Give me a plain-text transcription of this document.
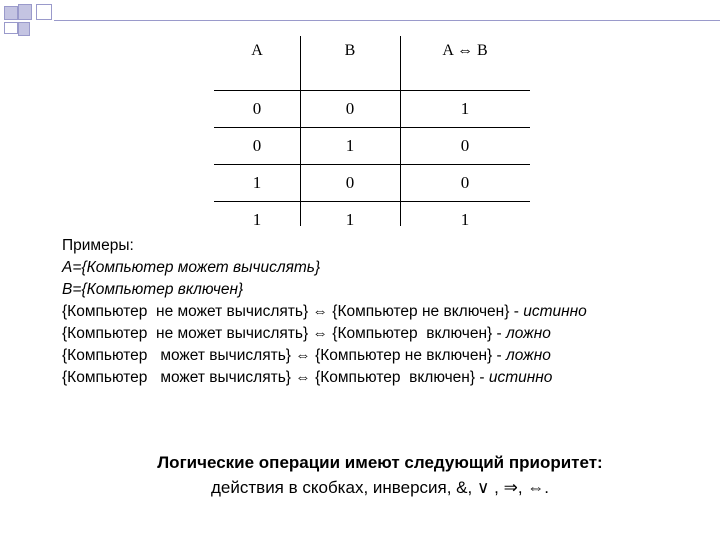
A	B	A ⇔ B
0	0	1
0	1	0
1	0	0
1	1	1
Примеры:
А={Компьютер может вычислять}
В={Компьютер включен}
{Компьютер  не может вычислять} ⇔ {Компьютер не включен} - истинно
{Компьютер  не может вычислять} ⇔ {Компьютер  включен} - ложно
{Компьютер   может вычислять} ⇔ {Компьютер не включен} - ложно
{Компьютер   может вычислять} ⇔ {Компьютер  включен} - истинно
Логические операции имеют следующий приоритет:
действия в скобках, инверсия, &, ∨ , ⇒, ⇔.
